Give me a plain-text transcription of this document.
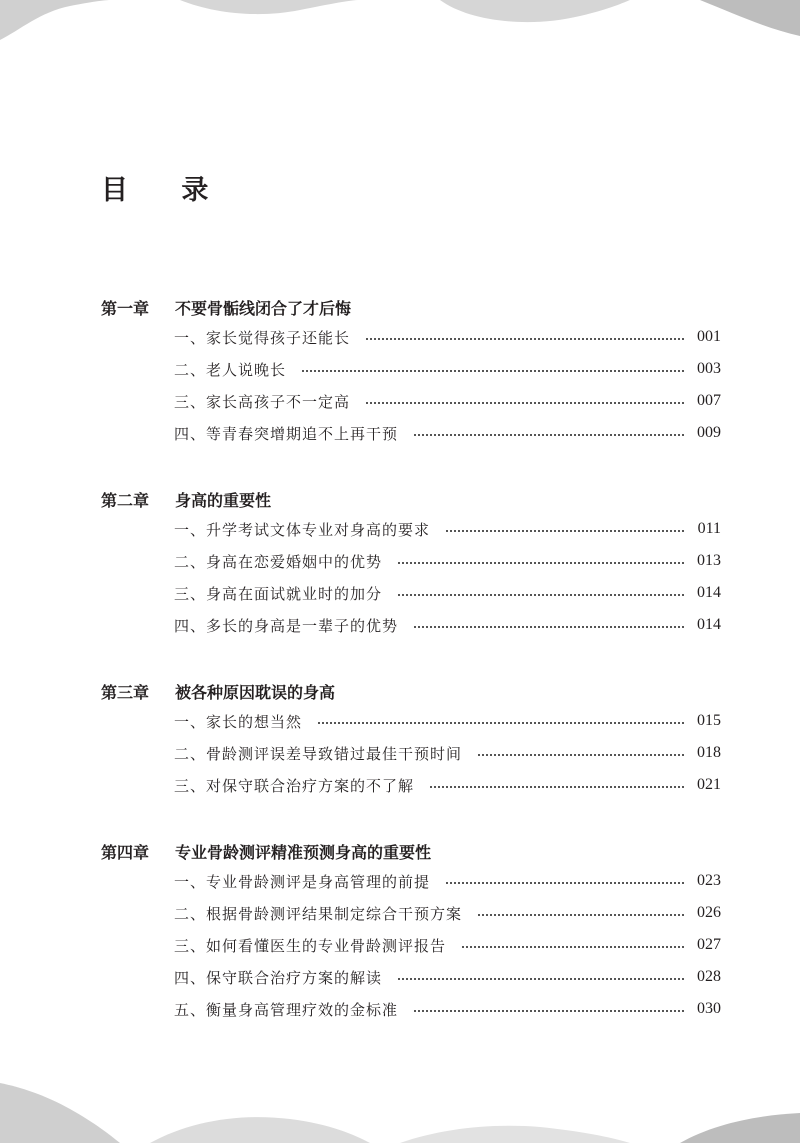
目 录
第一章	不要骨骺线闭合了才后悔
一、家长觉得孩子还能长	001
二、老人说晚长	003
三、家长高孩子不一定高	007
四、等青春突增期追不上再干预	009
第二章	身高的重要性
一、升学考试文体专业对身高的要求	011
二、身高在恋爱婚姻中的优势	013
三、身高在面试就业时的加分	014
四、多长的身高是一辈子的优势	014
第三章	被各种原因耽误的身高
一、家长的想当然	015
二、骨龄测评误差导致错过最佳干预时间	018
三、对保守联合治疗方案的不了解	021
第四章	专业骨龄测评精准预测身高的重要性
一、专业骨龄测评是身高管理的前提	023
二、根据骨龄测评结果制定综合干预方案	026
三、如何看懂医生的专业骨龄测评报告	027
四、保守联合治疗方案的解读	028
五、衡量身高管理疗效的金标准	030
